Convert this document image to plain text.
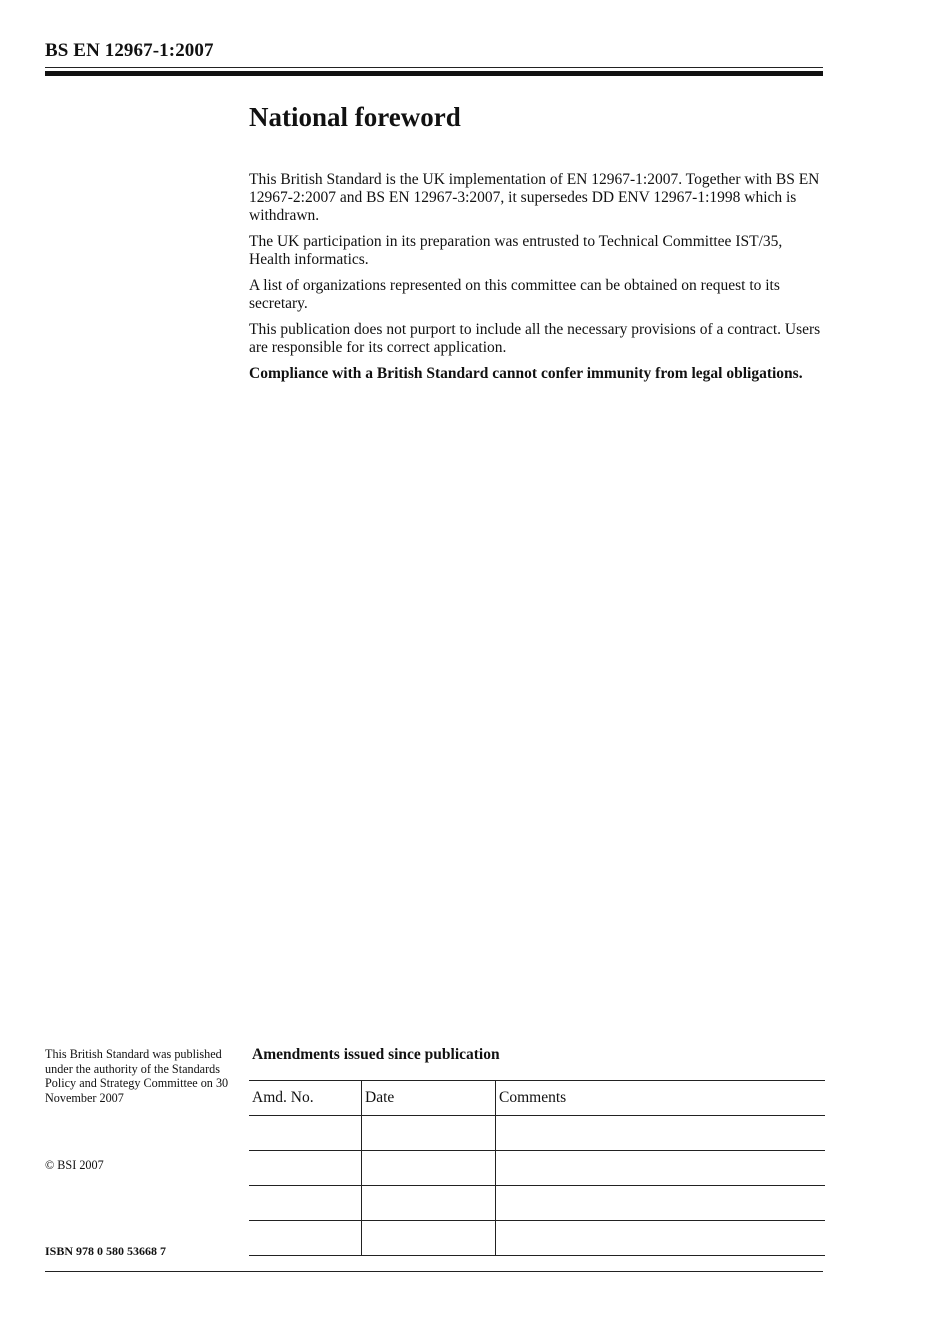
BS EN 12967-1:2007
National foreword

This British Standard is the UK implementation of EN 12967-1:2007. Together with BS EN 12967-2:2007 and BS EN 12967-3:2007, it supersedes DD ENV 12967-1:1998 which is withdrawn.

The UK participation in its preparation was entrusted to Technical Committee IST/35, Health informatics.

A list of organizations represented on this committee can be obtained on request to its secretary.

This publication does not purport to include all the necessary provisions of a contract. Users are responsible for its correct application.

Compliance with a British Standard cannot confer immunity from legal obligations.

This British Standard was published under the authority of the Standards Policy and Strategy Committee on 30 November 2007
© BSI 2007
ISBN 978 0 580 53668 7
Amendments issued since publication
Amd. No.	Date	Comments
